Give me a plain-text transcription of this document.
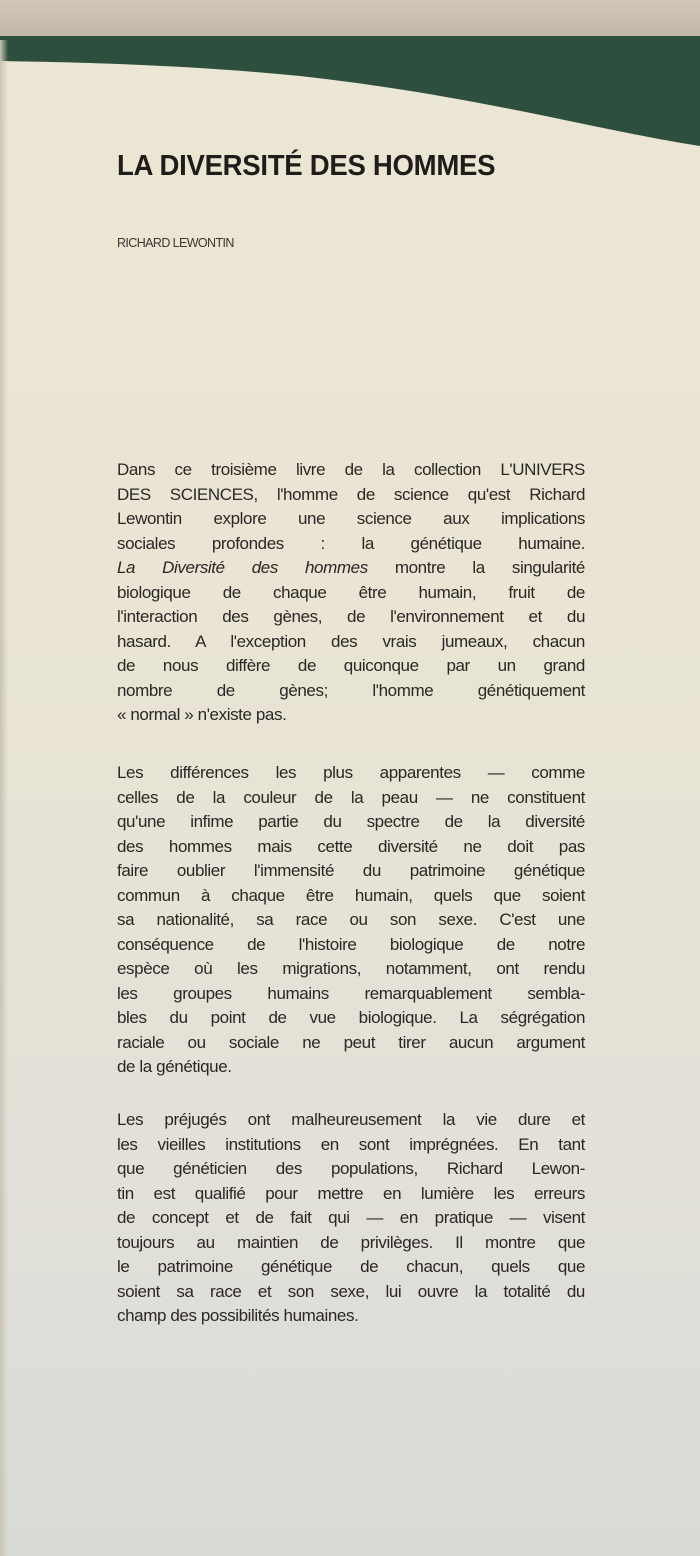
LA DIVERSITÉ DES HOMMES
RICHARD LEWONTIN
Dans ce troisième livre de la collection L'UNIVERS
DES SCIENCES, l'homme de science qu'est Richard
Lewontin explore une science aux implications
sociales profondes : la génétique humaine.
La Diversité des hommes montre la singularité
biologique de chaque être humain, fruit de
l'interaction des gènes, de l'environnement et du
hasard. A l'exception des vrais jumeaux, chacun
de nous diffère de quiconque par un grand
nombre de gènes; l'homme génétiquement
« normal » n'existe pas.
Les différences les plus apparentes — comme
celles de la couleur de la peau — ne constituent
qu'une infime partie du spectre de la diversité
des hommes mais cette diversité ne doit pas
faire oublier l'immensité du patrimoine génétique
commun à chaque être humain, quels que soient
sa nationalité, sa race ou son sexe. C'est une
conséquence de l'histoire biologique de notre
espèce où les migrations, notamment, ont rendu
les groupes humains remarquablement sembla-
bles du point de vue biologique. La ségrégation
raciale ou sociale ne peut tirer aucun argument
de la génétique.
Les préjugés ont malheureusement la vie dure et
les vieilles institutions en sont imprégnées. En tant
que généticien des populations, Richard Lewon-
tin est qualifié pour mettre en lumière les erreurs
de concept et de fait qui — en pratique — visent
toujours au maintien de privilèges. Il montre que
le patrimoine génétique de chacun, quels que
soient sa race et son sexe, lui ouvre la totalité du
champ des possibilités humaines.
